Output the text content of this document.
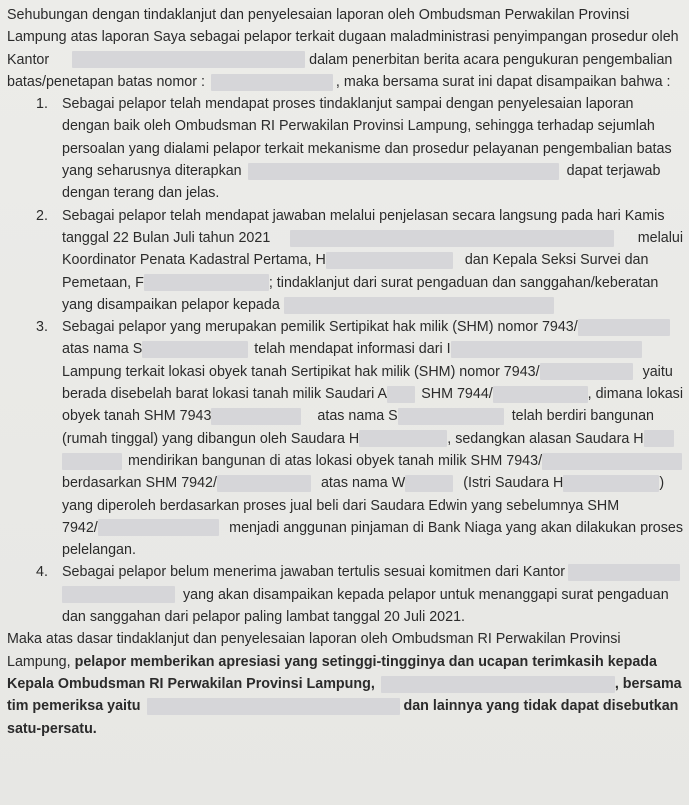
Sehubungan dengan tindaklanjut dan penyelesaian laporan oleh Ombudsman Perwakilan Provinsi
Lampung atas laporan Saya sebagai pelapor terkait dugaan maladministrasi penyimpangan prosedur oleh
Kantor	dalam penerbitan berita acara pengukuran pengembalian
batas/penetapan batas nomor :	, maka bersama surat ini dapat disampaikan bahwa :
1. Sebagai pelapor telah mendapat proses tindaklanjut sampai dengan penyelesaian laporan
dengan baik oleh Ombudsman RI Perwakilan Provinsi Lampung, sehingga terhadap sejumlah
persoalan yang dialami pelapor terkait mekanisme dan prosedur pelayanan pengembalian batas
yang seharusnya diterapkan	dapat terjawab
dengan terang dan jelas.
2. Sebagai pelapor telah mendapat jawaban melalui penjelasan secara langsung pada hari Kamis
tanggal 22 Bulan Juli tahun 2021	melalui
Koordinator Penata Kadastral Pertama, H	dan Kepala Seksi Survei dan
Pemetaan, F	; tindaklanjut dari surat pengaduan dan sanggahan/keberatan
yang disampaikan pelapor kepada
3. Sebagai pelapor yang merupakan pemilik Sertipikat hak milik (SHM) nomor 7943/
atas nama S	telah mendapat informasi dari I
Lampung terkait lokasi obyek tanah Sertipikat hak milik (SHM) nomor 7943/	yaitu
berada disebelah barat lokasi tanah milik Saudari A SHM 7944/	, dimana lokasi
obyek tanah SHM 7943	atas nama S	telah berdiri bangunan
(rumah tinggal) yang dibangun oleh Saudara H	, sedangkan alasan Saudara H
mendirikan bangunan di atas lokasi obyek tanah milik SHM 7943/
berdasarkan SHM 7942/	atas nama W	(Istri Saudara H	)
yang diperoleh berdasarkan proses jual beli dari Saudara Edwin yang sebelumnya SHM
7942/	menjadi anggunan pinjaman di Bank Niaga yang akan dilakukan proses
pelelangan.
4. Sebagai pelapor belum menerima jawaban tertulis sesuai komitmen dari Kantor
yang akan disampaikan kepada pelapor untuk menanggapi surat pengaduan
dan sanggahan dari pelapor paling lambat tanggal 20 Juli 2021.
Maka atas dasar tindaklanjut dan penyelesaian laporan oleh Ombudsman RI Perwakilan Provinsi
Lampung, pelapor memberikan apresiasi yang setinggi-tingginya dan ucapan terimkasih kepada
Kepala Ombudsman RI Perwakilan Provinsi Lampung,	, bersama
tim pemeriksa yaitu	dan lainnya yang tidak dapat disebutkan
satu-persatu.
